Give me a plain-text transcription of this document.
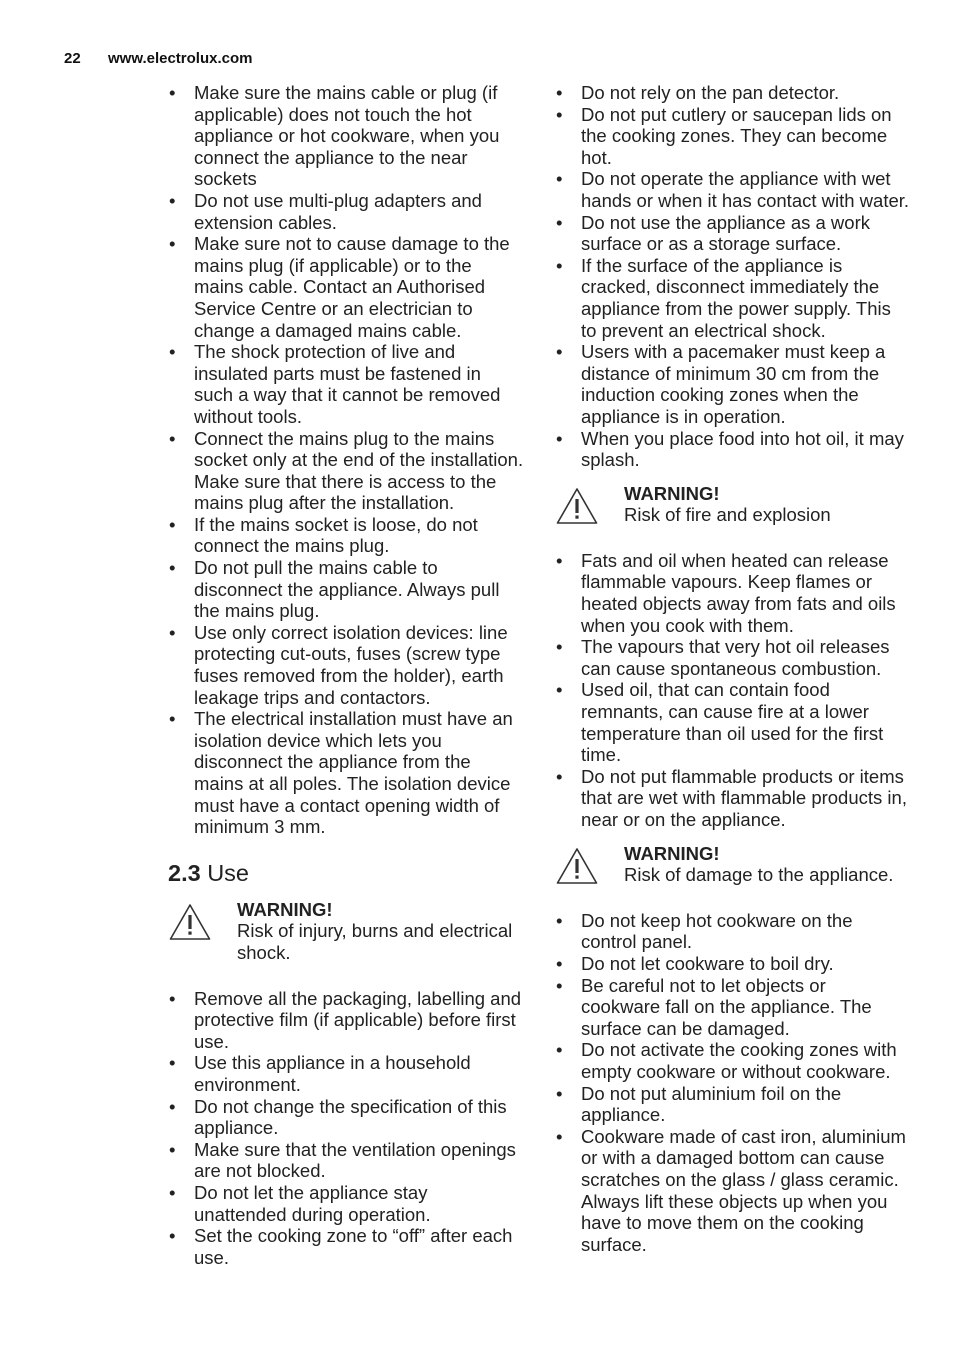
22 www.electrolux.com
• Make sure the mains cable or plug (if applicable) does not touch the hot appliance or hot cookware, when you connect the appliance to the near sockets
• Do not use multi-plug adapters and extension cables.
• Make sure not to cause damage to the mains plug (if applicable) or to the mains cable. Contact an Authorised Service Centre or an electrician to change a damaged mains cable.
• The shock protection of live and insulated parts must be fastened in such a way that it cannot be removed without tools.
• Connect the mains plug to the mains socket only at the end of the installation. Make sure that there is access to the mains plug after the installation.
• If the mains socket is loose, do not connect the mains plug.
• Do not pull the mains cable to disconnect the appliance. Always pull the mains plug.
• Use only correct isolation devices: line protecting cut-outs, fuses (screw type fuses removed from the holder), earth leakage trips and contactors.
• The electrical installation must have an isolation device which lets you disconnect the appliance from the mains at all poles. The isolation device must have a contact opening width of minimum 3 mm.
2.3 Use
WARNING!
Risk of injury, burns and electrical shock.
• Remove all the packaging, labelling and protective film (if applicable) before first use.
• Use this appliance in a household environment.
• Do not change the specification of this appliance.
• Make sure that the ventilation openings are not blocked.
• Do not let the appliance stay unattended during operation.
• Set the cooking zone to “off” after each use.
• Do not rely on the pan detector.
• Do not put cutlery or saucepan lids on the cooking zones. They can become hot.
• Do not operate the appliance with wet hands or when it has contact with water.
• Do not use the appliance as a work surface or as a storage surface.
• If the surface of the appliance is cracked, disconnect immediately the appliance from the power supply. This to prevent an electrical shock.
• Users with a pacemaker must keep a distance of minimum 30 cm from the induction cooking zones when the appliance is in operation.
• When you place food into hot oil, it may splash.
WARNING!
Risk of fire and explosion
• Fats and oil when heated can release flammable vapours. Keep flames or heated objects away from fats and oils when you cook with them.
• The vapours that very hot oil releases can cause spontaneous combustion.
• Used oil, that can contain food remnants, can cause fire at a lower temperature than oil used for the first time.
• Do not put flammable products or items that are wet with flammable products in, near or on the appliance.
WARNING!
Risk of damage to the appliance.
• Do not keep hot cookware on the control panel.
• Do not let cookware to boil dry.
• Be careful not to let objects or cookware fall on the appliance. The surface can be damaged.
• Do not activate the cooking zones with empty cookware or without cookware.
• Do not put aluminium foil on the appliance.
• Cookware made of cast iron, aluminium or with a damaged bottom can cause scratches on the glass / glass ceramic. Always lift these objects up when you have to move them on the cooking surface.
